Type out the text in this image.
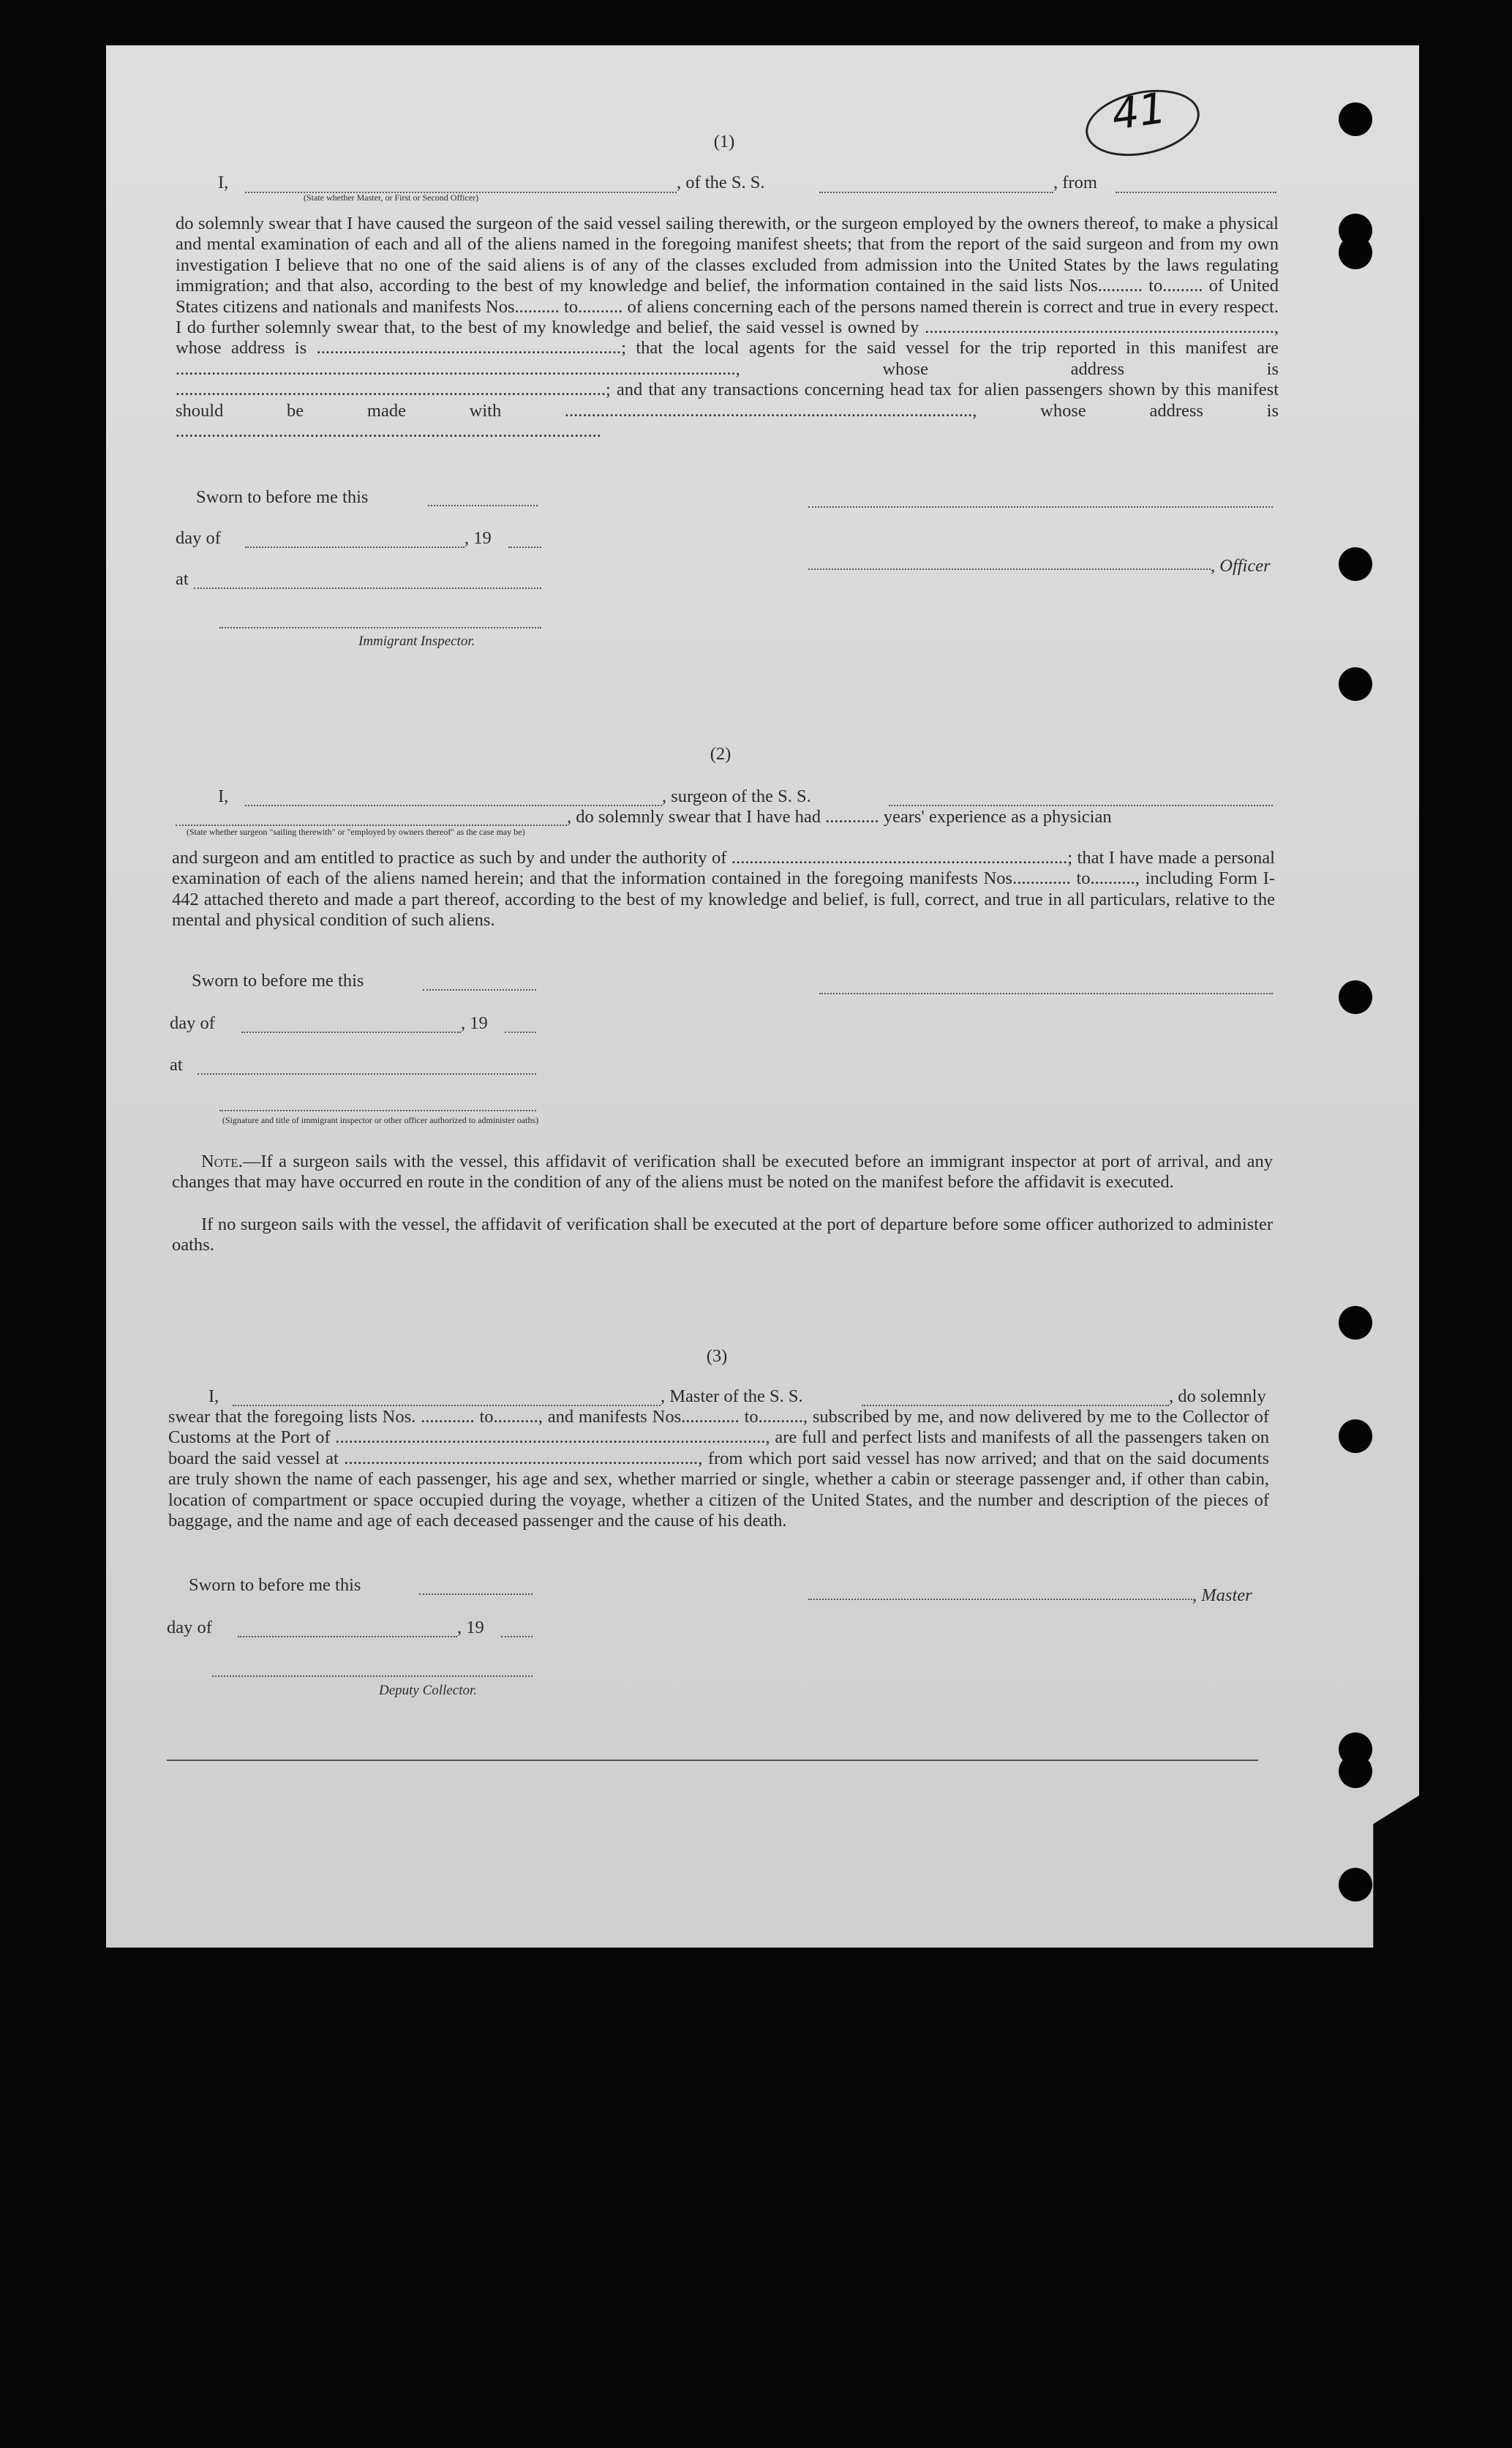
41
(1)
I,	, of the S. S.	, from
(State whether Master, or First or Second Officer)
do solemnly swear that I have caused the surgeon of the said vessel sailing therewith, or the surgeon employed by the owners thereof, to make a physical and mental examination of each and all of the aliens named in the foregoing manifest sheets; that from the report of the said surgeon and from my own investigation I believe that no one of the said aliens is of any of the classes excluded from admission into the United States by the laws regulating immigration; and that also, according to the best of my knowledge and belief, the information contained in the said lists Nos.......... to......... of United States citizens and nationals and manifests Nos.......... to.......... of aliens concerning each of the persons named therein is correct and true in every respect. I do further solemnly swear that, to the best of my knowledge and belief, the said vessel is owned by .............................................................................., whose address is ....................................................................; that the local agents for the said vessel for the trip reported in this manifest are ............................................................................................................................., whose address is ................................................................................................; and that any transactions concerning head tax for alien passengers shown by this manifest should be made with ..........................................................................................., whose address is ...............................................................................................
Sworn to before me this
day of	, 19
, Officer
at
Immigrant Inspector.
(2)
I,	, surgeon of the S. S.
, do solemnly swear that I have had ............ years' experience as a physician
(State whether surgeon "sailing therewith" or "employed by owners thereof" as the case may be)
and surgeon and am entitled to practice as such by and under the authority of ...........................................................................; that I have made a personal examination of each of the aliens named herein; and that the information contained in the foregoing manifests Nos............. to.........., including Form I-442 attached thereto and made a part thereof, according to the best of my knowledge and belief, is full, correct, and true in all particulars, relative to the mental and physical condition of such aliens.
Sworn to before me this
day of	, 19
at
(Signature and title of immigrant inspector or other officer authorized to administer oaths)
Note.—If a surgeon sails with the vessel, this affidavit of verification shall be executed before an immigrant inspector at port of arrival, and any changes that may have occurred en route in the condition of any of the aliens must be noted on the manifest before the affidavit is executed.
If no surgeon sails with the vessel, the affidavit of verification shall be executed at the port of departure before some officer authorized to administer oaths.
(3)
I,	, Master of the S. S.	, do solemnly
swear that the foregoing lists Nos. ............ to.........., and manifests Nos............. to.........., subscribed by me, and now delivered by me to the Collector of Customs at the Port of ................................................................................................, are full and perfect lists and manifests of all the passengers taken on board the said vessel at ..............................................................................., from which port said vessel has now arrived; and that on the said documents are truly shown the name of each passenger, his age and sex, whether married or single, whether a cabin or steerage passenger and, if other than cabin, location of compartment or space occupied during the voyage, whether a citizen of the United States, and the number and description of the pieces of baggage, and the name and age of each deceased passenger and the cause of his death.
Sworn to before me this
, Master
day of	, 19
Deputy Collector.
